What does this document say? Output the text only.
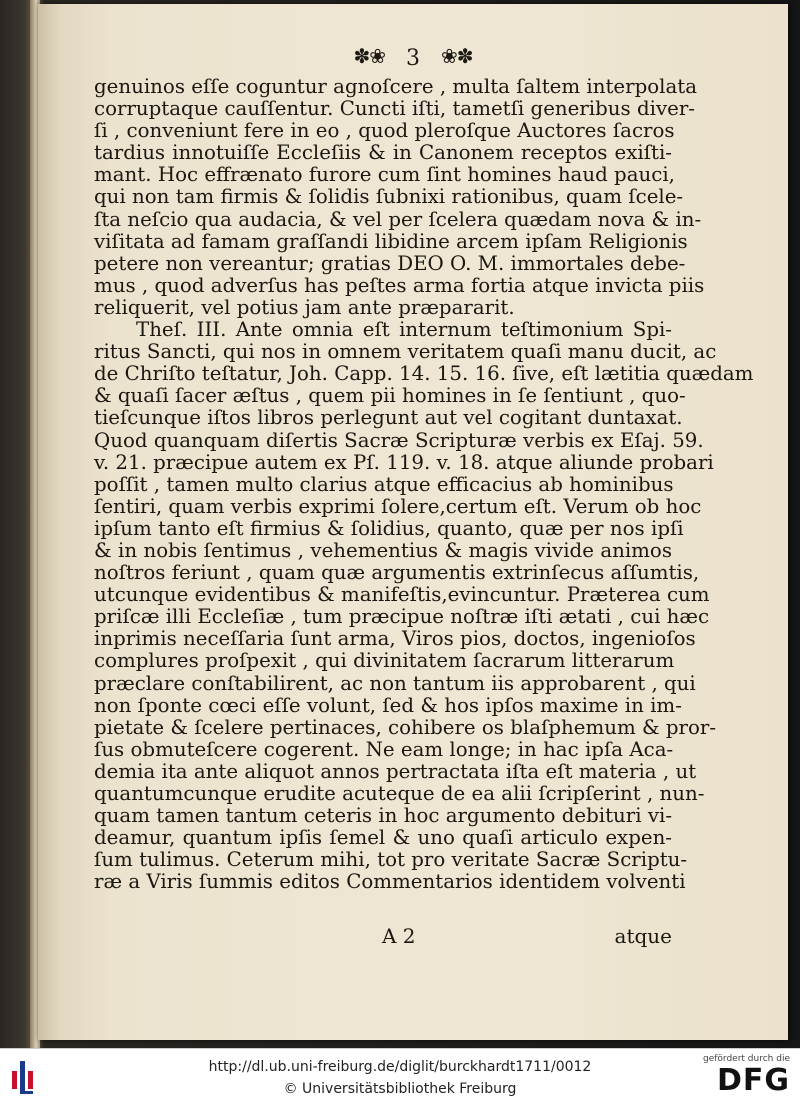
✽❀ 3 ❀✽
genuinos eſſe coguntur agnoſcere , multa ſaltem interpolata
corruptaque cauſſentur. Cuncti iſti, tametſi generibus diver-
ſi , conveniunt fere in eo , quod pleroſque Auctores ſacros
tardius innotuiſſe Eccleſiis & in Canonem receptos exiſti-
mant. Hoc effrænato furore cum ſint homines haud pauci,
qui non tam firmis & ſolidis ſubnixi rationibus, quam ſcele-
ſta neſcio qua audacia, & vel per ſcelera quædam nova & in-
viſitata ad famam graſſandi libidine arcem ipſam Religionis
petere non vereantur; gratias DEO O. M. immortales debe-
mus , quod adverſus has peſtes arma fortia atque invicta piis
reliquerit, vel potius jam ante præpararit.
Theſ. III. Ante omnia eſt internum teſtimonium Spi-
ritus Sancti, qui nos in omnem veritatem quaſi manu ducit, ac
de Chriſto teſtatur, Joh. Capp. 14. 15. 16. ſive, eſt lætitia quædam
& quaſi ſacer æſtus , quem pii homines in ſe ſentiunt , quo-
tieſcunque iſtos libros perlegunt aut vel cogitant duntaxat.
Quod quanquam diſertis Sacræ Scripturæ verbis ex Eſaj. 59.
v. 21. præcipue autem ex Pſ. 119. v. 18. atque aliunde probari
poſſit , tamen multo clarius atque efficacius ab hominibus
ſentiri, quam verbis exprimi ſolere,certum eſt. Verum ob hoc
ipſum tanto eſt firmius & ſolidius, quanto, quæ per nos ipſi
& in nobis ſentimus , vehementius & magis vivide animos
noſtros feriunt , quam quæ argumentis extrinſecus aſſumtis,
utcunque evidentibus & manifeſtis,evincuntur. Præterea cum
priſcæ illi Eccleſiæ , tum præcipue noſtræ iſti ætati , cui hæc
inprimis neceſſaria ſunt arma, Viros pios, doctos, ingenioſos
complures proſpexit , qui divinitatem ſacrarum litterarum
præclare conſtabilirent, ac non tantum iis approbarent , qui
non ſponte cœci eſſe volunt, ſed & hos ipſos maxime in im-
pietate & ſcelere pertinaces, cohibere os blaſphemum & pror-
ſus obmuteſcere cogerent. Ne eam longe; in hac ipſa Aca-
demia ita ante aliquot annos pertractata iſta eſt materia , ut
quantumcunque erudite acuteque de ea alii ſcripſerint , nun-
quam tamen tantum ceteris in hoc argumento debituri vi-
deamur, quantum ipſis ſemel & uno quaſi articulo expen-
ſum tulimus. Ceterum mihi, tot pro veritate Sacræ Scriptu-
ræ a Viris ſummis editos Commentarios identidem volventi
A 2	atque
http://dl.ub.uni-freiburg.de/diglit/burckhardt1711/0012
© Universitätsbibliothek Freiburg
gefördert durch die
DFG
